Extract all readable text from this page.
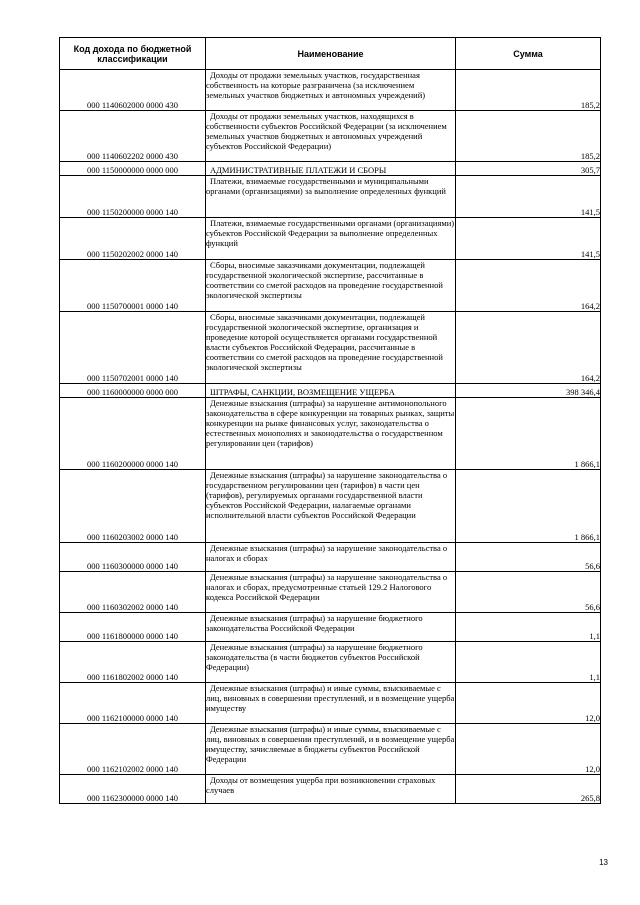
Код дохода по бюджетной классификации	Наименование	Сумма
000 1140602000 0000 430	Доходы от продажи земельных участков, государственная собственность на которые разграничена (за исключением земельных участков бюджетных и автономных учреждений)	185,2
000 1140602202 0000 430	Доходы от продажи земельных участков, находящихся в собственности субъектов Российской Федерации (за исключением земельных участков бюджетных и автономных учреждений субъектов Российской Федерации)	185,2
000 1150000000 0000 000	АДМИНИСТРАТИВНЫЕ ПЛАТЕЖИ И СБОРЫ	305,7
000 1150200000 0000 140	Платежи, взимаемые государственными и муниципальными органами (организациями) за выполнение определенных функций	141,5
000 1150202002 0000 140	Платежи, взимаемые государственными органами (организациями) субъектов Российской Федерации за выполнение определенных функций	141,5
000 1150700001 0000 140	Сборы, вносимые заказчиками документации, подлежащей государственной экологической экспертизе, рассчитанные в соответствии со сметой расходов на проведение государственной экологической экспертизы	164,2
000 1150702001 0000 140	Сборы, вносимые заказчиками документации, подлежащей государственной экологической экспертизе, организация и проведение которой осуществляется органами государственной власти субъектов Российской Федерации, рассчитанные в соответствии со сметой расходов на проведение государственной экологической экспертизы	164,2
000 1160000000 0000 000	ШТРАФЫ, САНКЦИИ, ВОЗМЕЩЕНИЕ УЩЕРБА	398 346,4
000 1160200000 0000 140	Денежные взыскания (штрафы) за нарушение антимонопольного законодательства в сфере конкуренции на товарных рынках, защиты конкуренции на рынке финансовых услуг, законодательства о естественных монополиях и законодательства о государственном регулировании цен (тарифов)	1 866,1
000 1160203002 0000 140	Денежные взыскания (штрафы) за нарушение законодательства о государственном регулировании цен (тарифов) в части цен (тарифов), регулируемых органами государственной власти субъектов Российской Федерации, налагаемые органами исполнительной власти субъектов Российской Федерации	1 866,1
000 1160300000 0000 140	Денежные взыскания (штрафы) за нарушение законодательства о налогах и сборах	56,6
000 1160302002 0000 140	Денежные взыскания (штрафы) за нарушение законодательства о налогах и сборах, предусмотренные статьей 129.2 Налогового кодекса Российской Федерации	56,6
000 1161800000 0000 140	Денежные взыскания (штрафы) за нарушение бюджетного законодательства Российской Федерации	1,1
000 1161802002 0000 140	Денежные взыскания (штрафы) за нарушение бюджетного законодательства (в части бюджетов субъектов Российской Федерации)	1,1
000 1162100000 0000 140	Денежные взыскания (штрафы) и иные суммы, взыскиваемые с лиц, виновных в совершении преступлений, и в возмещение ущерба имуществу	12,0
000 1162102002 0000 140	Денежные взыскания (штрафы) и иные суммы, взыскиваемые с лиц, виновных в совершении преступлений, и в возмещение ущерба имуществу, зачисляемые в бюджеты субъектов Российской Федерации	12,0
000 1162300000 0000 140	Доходы от возмещения ущерба при возникновении страховых случаев	265,8
13
